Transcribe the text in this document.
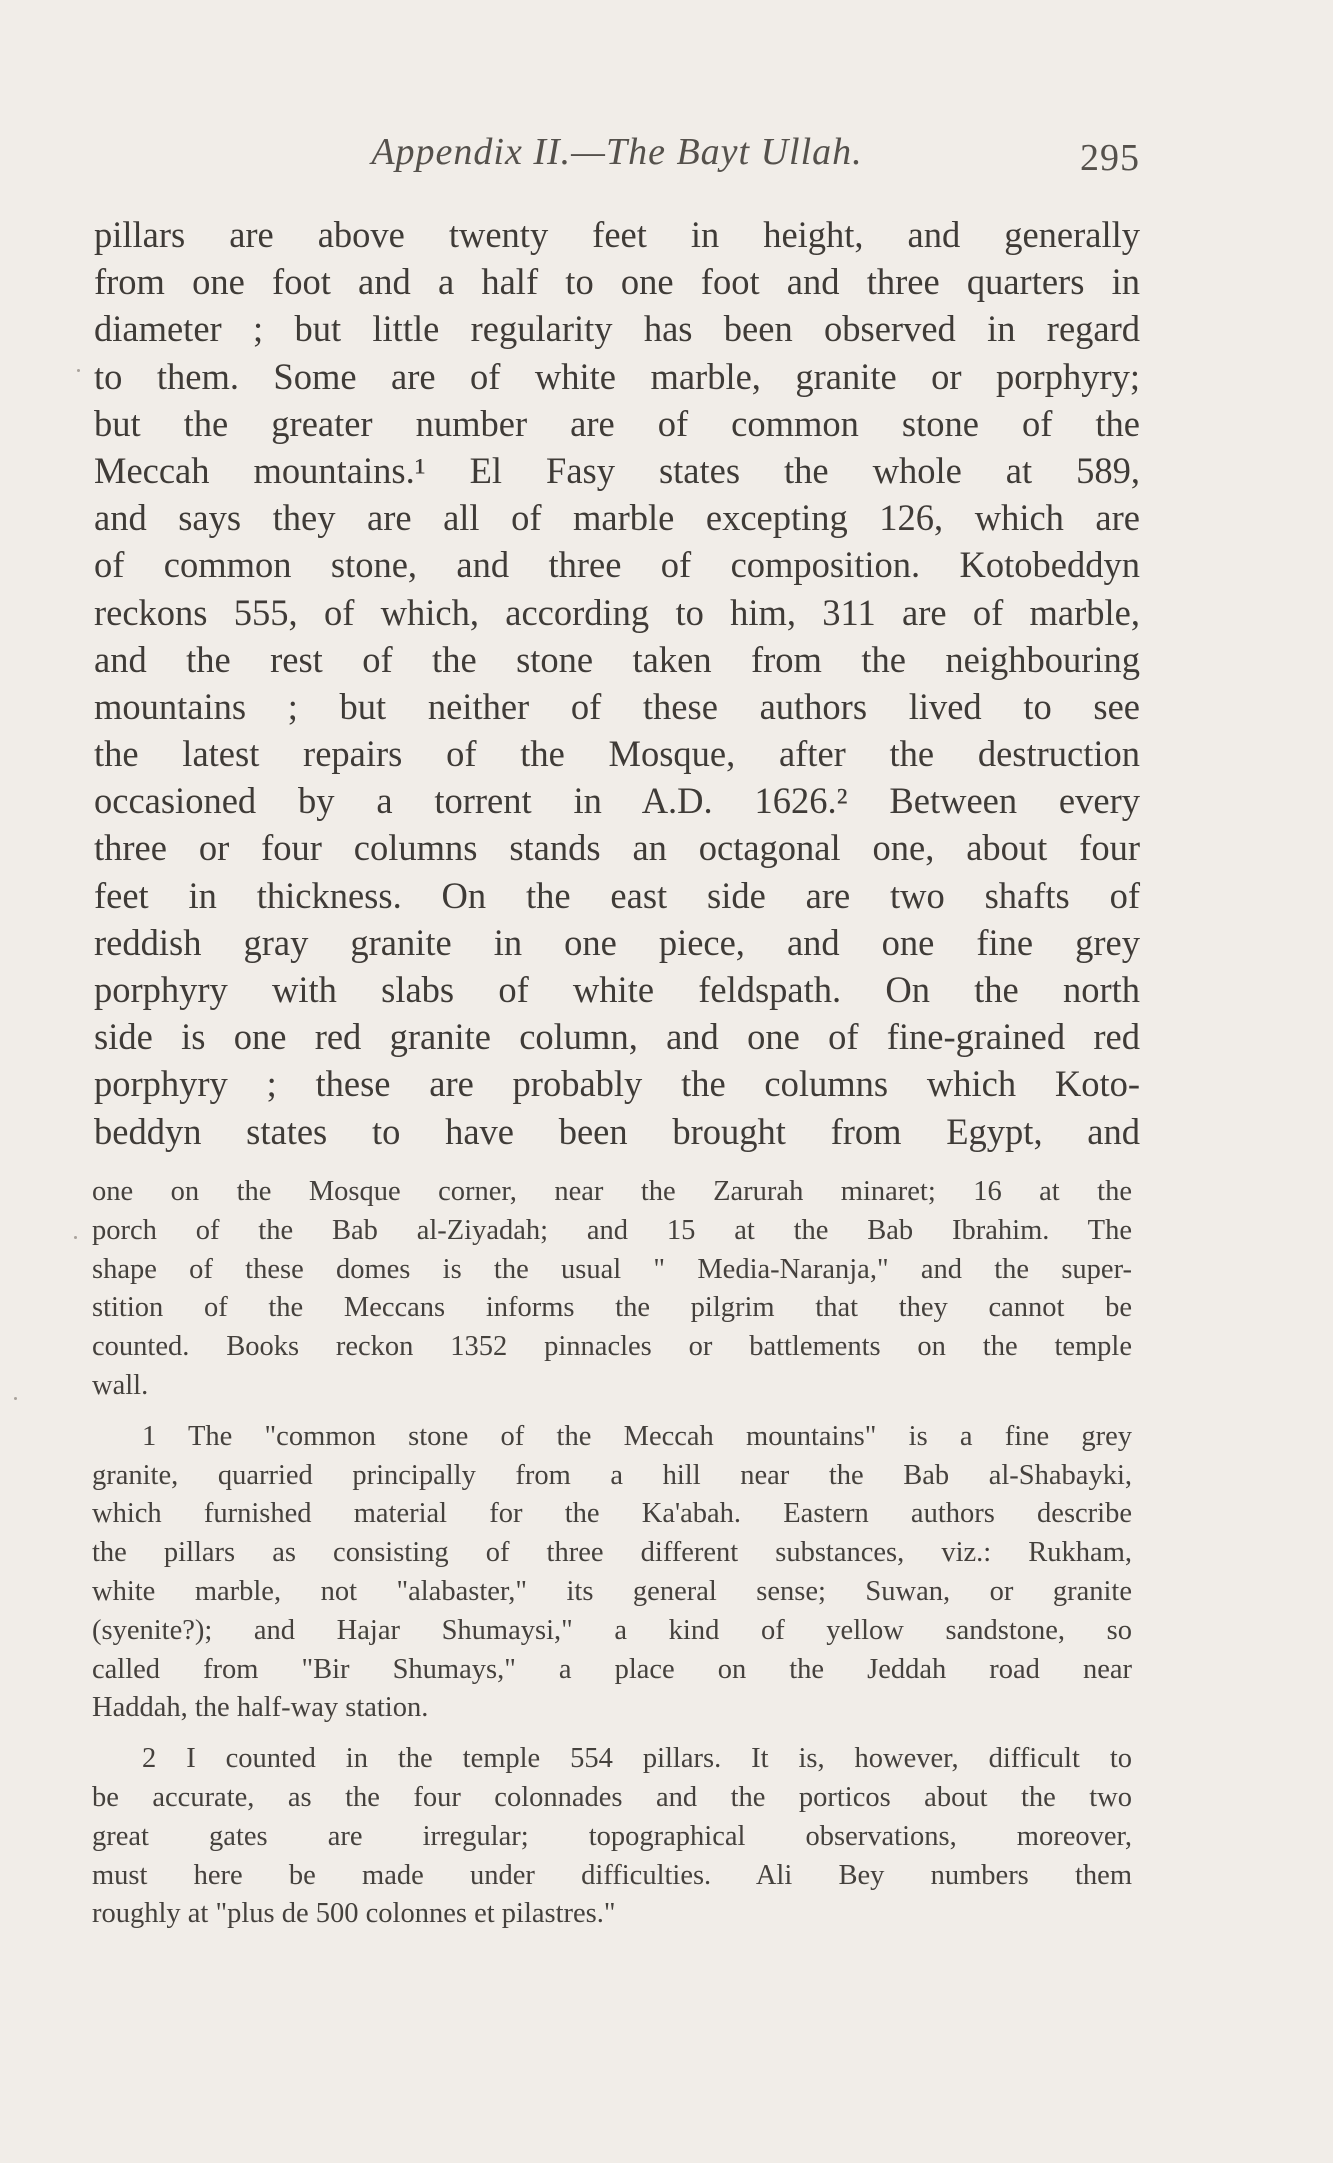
Appendix II.—The Bayt Ullah.	295
pillars are above twenty feet in height, and generally
from one foot and a half to one foot and three quarters in
diameter ; but little regularity has been observed in regard
to them. Some are of white marble, granite or porphyry;
but the greater number are of common stone of the
Meccah mountains.¹ El Fasy states the whole at 589,
and says they are all of marble excepting 126, which are
of common stone, and three of composition. Kotobeddyn
reckons 555, of which, according to him, 311 are of marble,
and the rest of the stone taken from the neighbouring
mountains ; but neither of these authors lived to see
the latest repairs of the Mosque, after the destruction
occasioned by a torrent in A.D. 1626.² Between every
three or four columns stands an octagonal one, about four
feet in thickness. On the east side are two shafts of
reddish gray granite in one piece, and one fine grey
porphyry with slabs of white feldspath. On the north
side is one red granite column, and one of fine-grained red
porphyry ; these are probably the columns which Koto-
beddyn states to have been brought from Egypt, and
one on the Mosque corner, near the Zarurah minaret; 16 at the
porch of the Bab al-Ziyadah; and 15 at the Bab Ibrahim. The
shape of these domes is the usual " Media-Naranja," and the super-
stition of the Meccans informs the pilgrim that they cannot be
counted. Books reckon 1352 pinnacles or battlements on the temple
wall.
1 The "common stone of the Meccah mountains" is a fine grey
granite, quarried principally from a hill near the Bab al-Shabayki,
which furnished material for the Ka'abah. Eastern authors describe
the pillars as consisting of three different substances, viz.: Rukham,
white marble, not "alabaster," its general sense; Suwan, or granite
(syenite?); and Hajar Shumaysi," a kind of yellow sandstone, so
called from "Bir Shumays," a place on the Jeddah road near
Haddah, the half-way station.
2 I counted in the temple 554 pillars. It is, however, difficult to
be accurate, as the four colonnades and the porticos about the two
great gates are irregular; topographical observations, moreover,
must here be made under difficulties. Ali Bey numbers them
roughly at "plus de 500 colonnes et pilastres."
